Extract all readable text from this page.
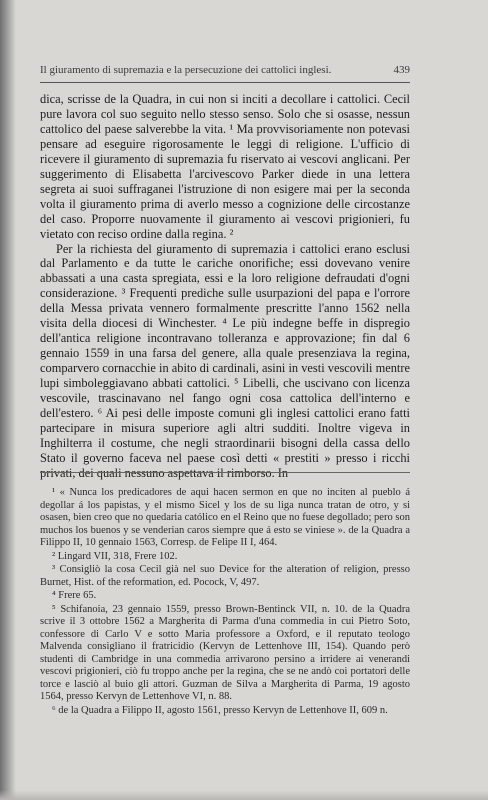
Il giuramento di supremazia e la persecuzione dei cattolici inglesi.	439

dica, scrisse de la Quadra, in cui non si inciti a decollare i cattolici. Cecil pure lavora col suo seguito nello stesso senso. Solo che si osasse, nessun cattolico del paese salverebbe la vita. ¹ Ma provvisoriamente non potevasi pensare ad eseguire rigorosamente le leggi di religione. L'ufficio di ricevere il giuramento di supremazia fu riservato ai vescovi anglicani. Per suggerimento di Elisabetta l'arcivescovo Parker diede in una lettera segreta ai suoi suffraganei l'istruzione di non esigere mai per la seconda volta il giuramento prima di averlo messo a cognizione delle circostanze del caso. Proporre nuovamente il giuramento ai vescovi prigionieri, fu vietato con reciso ordine dalla regina. ²

Per la richiesta del giuramento di supremazia i cattolici erano esclusi dal Parlamento e da tutte le cariche onorifiche; essi dovevano venire abbassati a una casta spregiata, essi e la loro religione defraudati d'ogni considerazione. ³ Frequenti prediche sulle usurpazioni del papa e l'orrore della Messa privata vennero formalmente prescritte l'anno 1562 nella visita della diocesi di Winchester. ⁴ Le più indegne beffe in dispregio dell'antica religione incontravano tolleranza e approvazione; fin dal 6 gennaio 1559 in una farsa del genere, alla quale presenziava la regina, comparvero cornacchie in abito di cardinali, asini in vesti vescovili mentre lupi simboleggiavano abbati cattolici. ⁵ Libelli, che uscivano con licenza vescovile, trascinavano nel fango ogni cosa cattolica dell'interno e dell'estero. ⁶ Ai pesi delle imposte comuni gli inglesi cattolici erano fatti partecipare in misura superiore agli altri sudditi. Inoltre vigeva in Inghilterra il costume, che negli straordinarii bisogni della cassa dello Stato il governo faceva nel paese così detti « prestiti » presso i ricchi privati, dei quali nessuno aspettava il rimborso. In

¹ « Nunca los predicadores de aqui hacen sermon en que no inciten al pueblo á degollar á los papistas, y el mismo Sicel y los de su liga nunca tratan de otro, y si osasen, bien creo que no quedaria católico en el Reino que no fuese degollado; pero son muchos los buenos y se venderian caros siempre que á esto se viniese ». de la Quadra a Filippo II, 10 gennaio 1563, Corresp. de Felipe II I, 464.

² Lingard VII, 318, Frere 102.

³ Consigliò la cosa Cecil già nel suo Device for the alteration of religion, presso Burnet, Hist. of the reformation, ed. Pocock, V, 497.

⁴ Frere 65.

⁵ Schifanoia, 23 gennaio 1559, presso Brown-Bentinck VII, n. 10. de la Quadra scrive il 3 ottobre 1562 a Margherita di Parma d'una commedia in cui Pietro Soto, confessore di Carlo V e sotto Maria professore a Oxford, e il reputato teologo Malvenda consigliano il fratricidio (Kervyn de Lettenhove III, 154). Quando però studenti di Cambridge in una commedia arrivarono persino a irridere ai venerandi vescovi prigionieri, ciò fu troppo anche per la regina, che se ne andò coi portatori delle torce e lasciò al buio gli attori. Guzman de Silva a Margherita di Parma, 19 agosto 1564, presso Kervyn de Lettenhove VI, n. 88.

⁶ de la Quadra a Filippo II, agosto 1561, presso Kervyn de Lettenhove II, 609 n.
